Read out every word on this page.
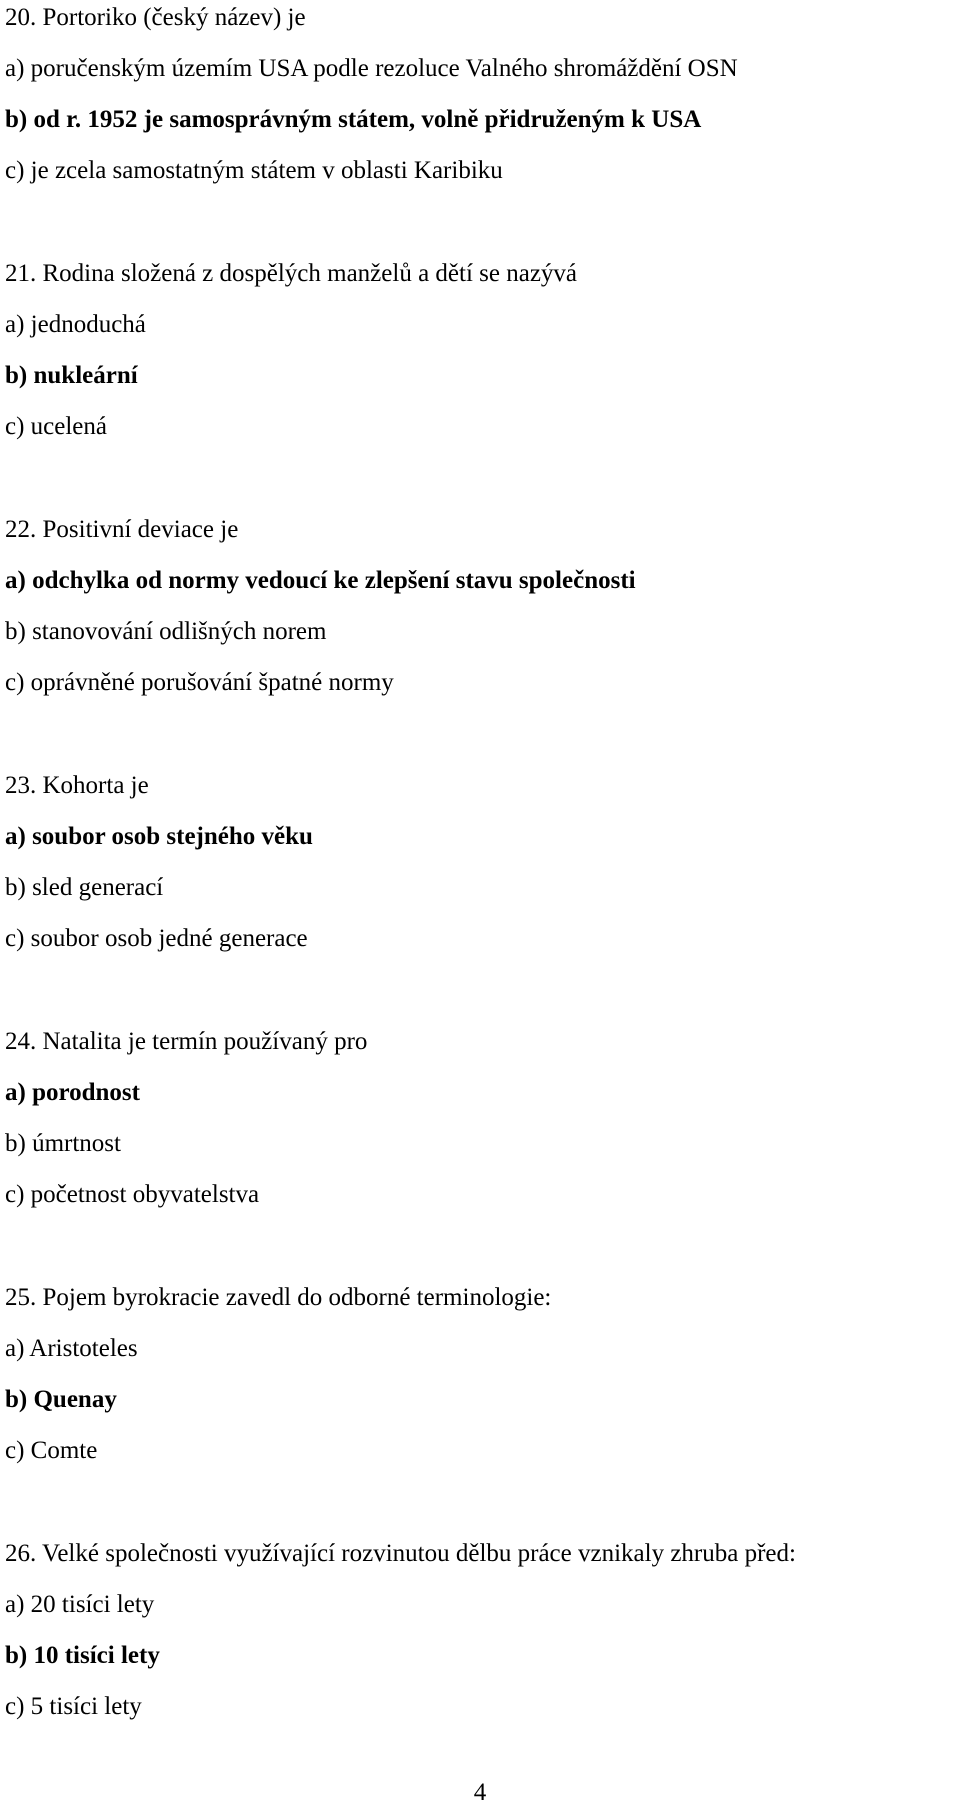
20. Portoriko (český název) je
a) poručenským územím USA podle rezoluce Valného shromáždění OSN
b) od r. 1952 je samosprávným státem, volně přidruženým k USA
c) je zcela samostatným státem v oblasti Karibiku
21. Rodina složená z dospělých manželů a dětí se nazývá
a) jednoduchá
b) nukleární
c) ucelená
22. Positivní deviace je
a) odchylka od normy vedoucí ke zlepšení stavu společnosti
b) stanovování odlišných norem
c) oprávněné porušování špatné normy
23. Kohorta je
a) soubor osob stejného věku
b) sled generací
c) soubor osob jedné generace
24. Natalita je termín používaný pro
a) porodnost
b) úmrtnost
c) početnost obyvatelstva
25. Pojem byrokracie zavedl do odborné terminologie:
a) Aristoteles
b) Quenay
c) Comte
26. Velké společnosti využívající rozvinutou dělbu práce vznikaly zhruba před:
a) 20 tisíci lety
b) 10 tisíci lety
c) 5 tisíci lety
4
